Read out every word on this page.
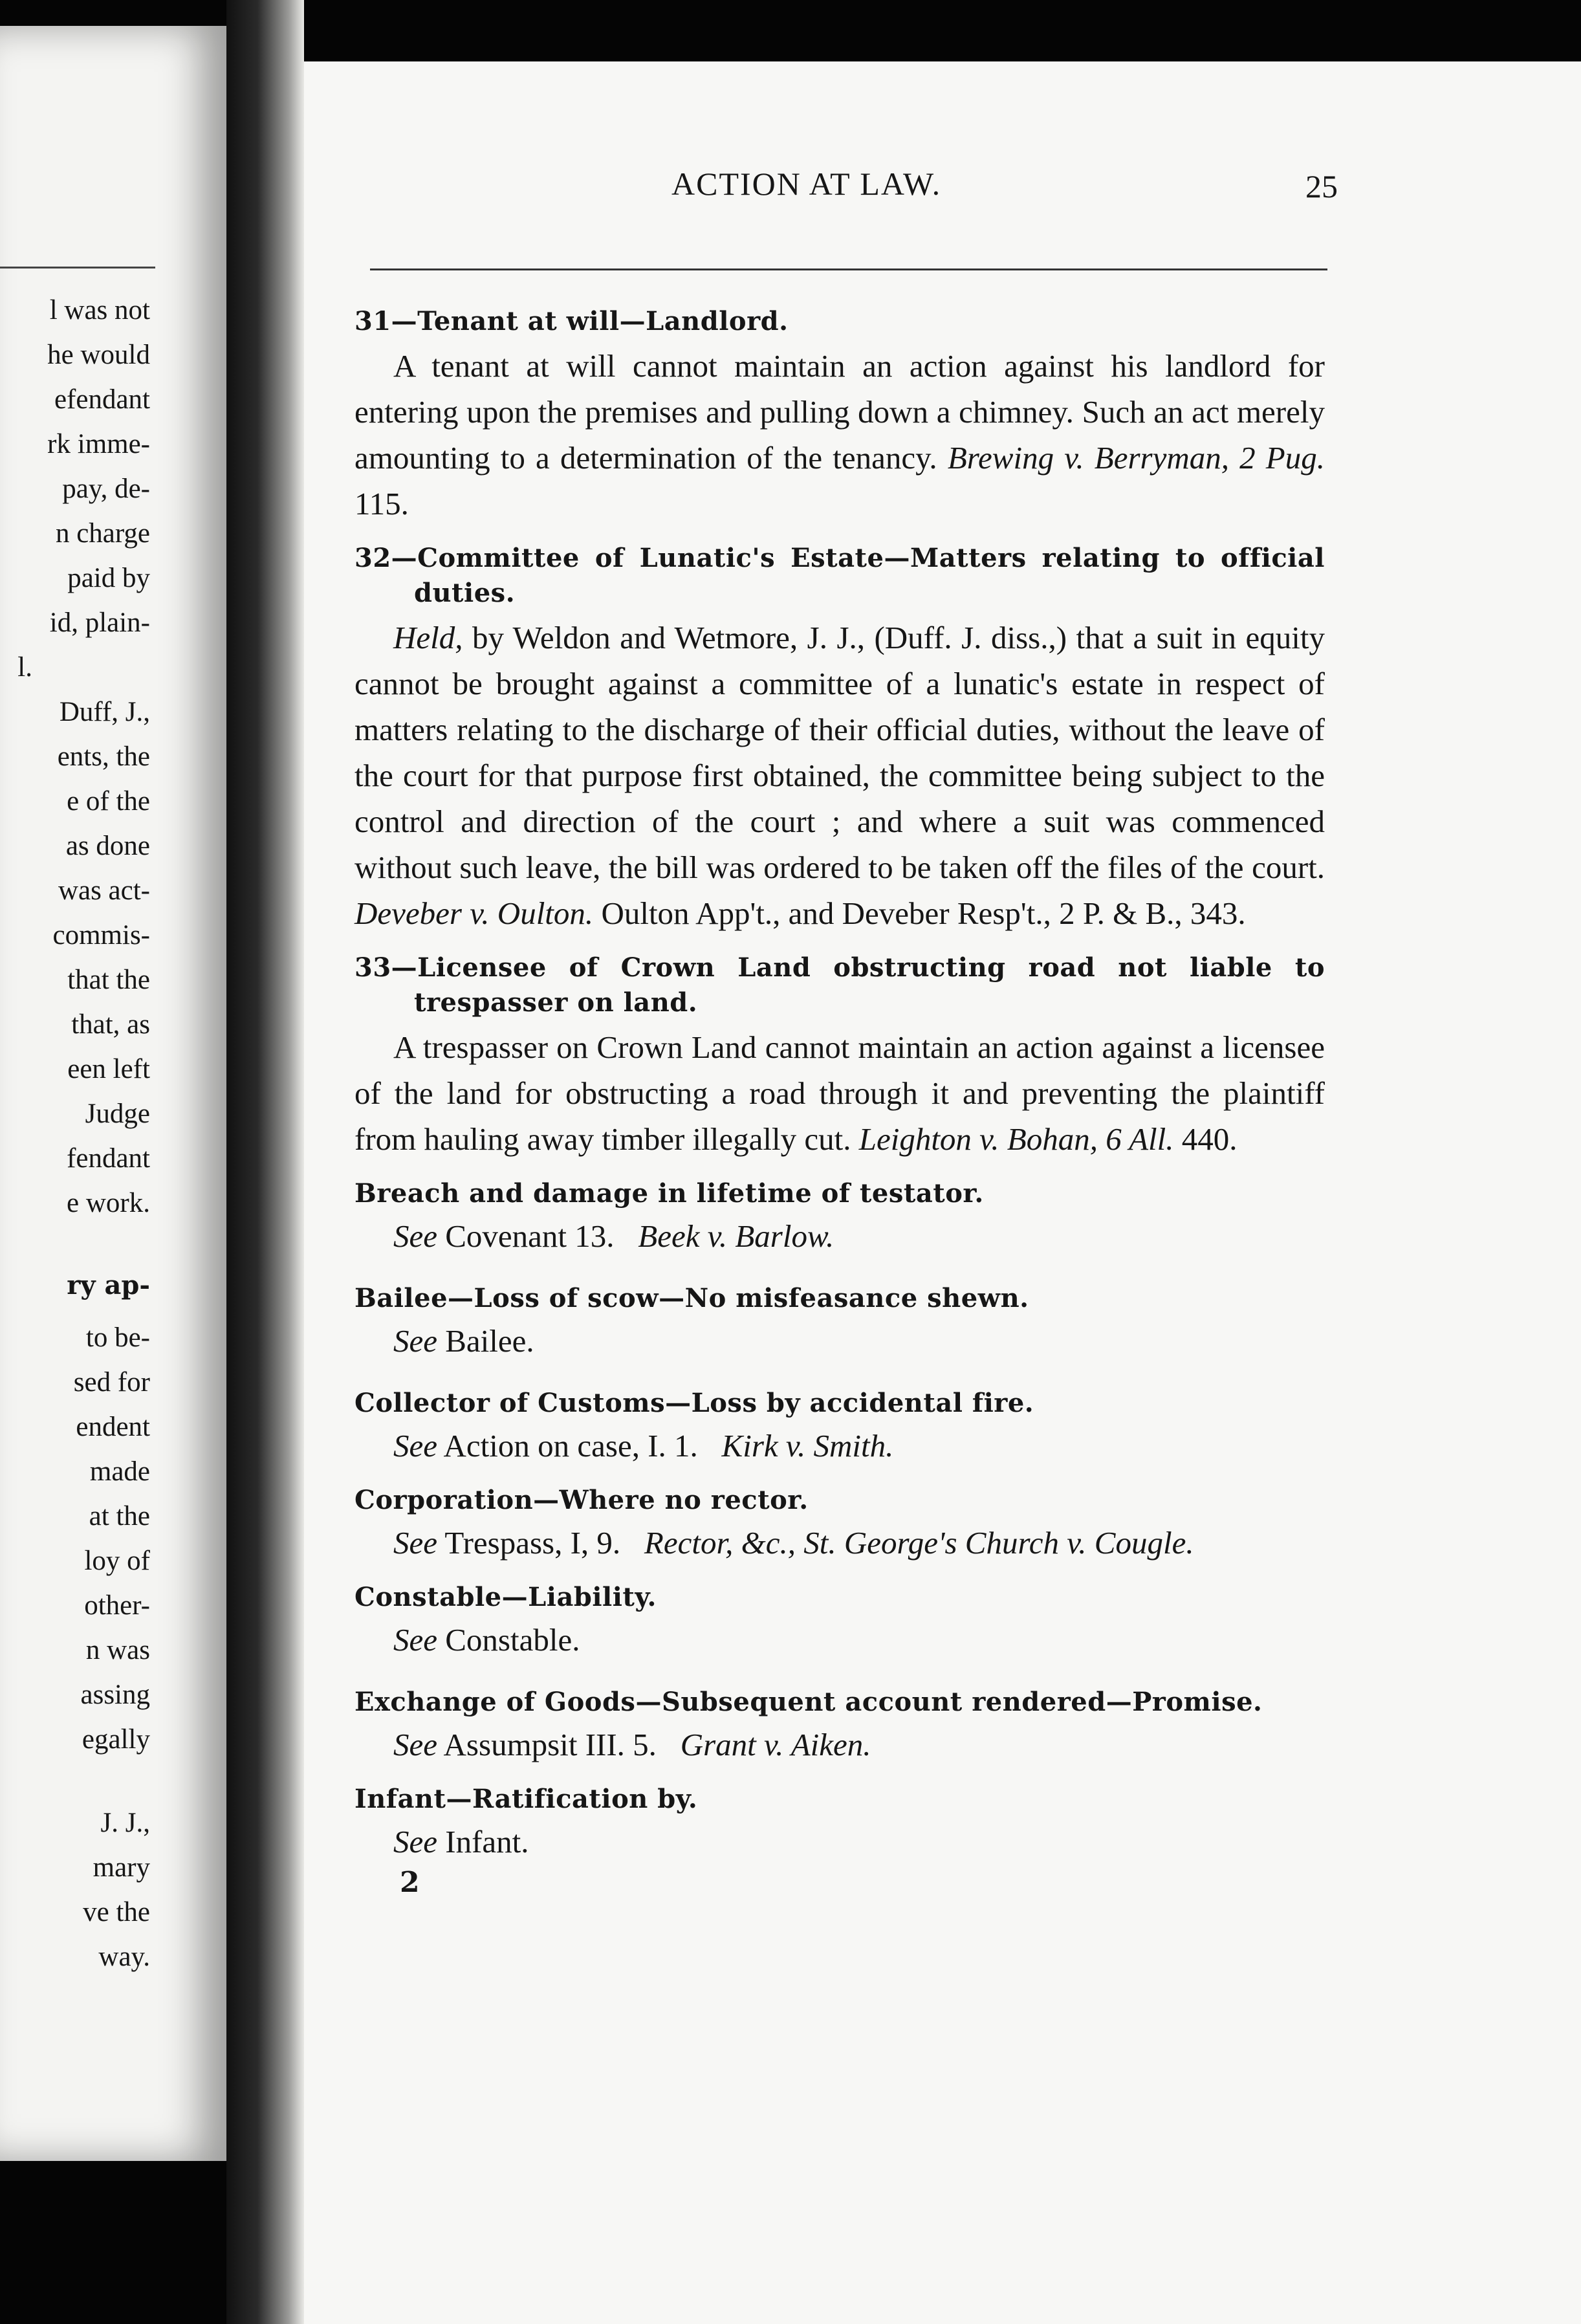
l was not
he would
efendant
rk imme-
pay, de-
n charge
paid by
id, plain-
l.
Duff, J.,
ents, the
e of the
as done
was act-
commis-
that the
that, as
een left
Judge
fendant
e work.
ry ap-
to be-
sed for
endent
made
at the
loy of
other-
n was
assing
egally
J. J.,
mary
ve the
way.
ACTION AT LAW.	25
31—Tenant at will—Landlord.
A tenant at will cannot maintain an action against his landlord for entering upon the premises and pulling down a chimney. Such an act merely amounting to a determination of the tenancy. Brewing v. Berryman, 2 Pug. 115.
32—Committee of Lunatic's Estate—Matters relating to official duties.
Held, by Weldon and Wetmore, J. J., (Duff. J. diss.,) that a suit in equity cannot be brought against a committee of a lunatic's estate in respect of matters relating to the discharge of their official duties, without the leave of the court for that purpose first obtained, the committee being subject to the control and direction of the court ; and where a suit was commenced without such leave, the bill was ordered to be taken off the files of the court. Deveber v. Oulton. Oulton App't., and Deveber Resp't., 2 P. & B., 343.
33—Licensee of Crown Land obstructing road not liable to trespasser on land.
A trespasser on Crown Land cannot maintain an action against a licensee of the land for obstructing a road through it and preventing the plaintiff from hauling away timber illegally cut. Leighton v. Bohan, 6 All. 440.
Breach and damage in lifetime of testator.
See Covenant 13. Beek v. Barlow.
Bailee—Loss of scow—No misfeasance shewn.
See Bailee.
Collector of Customs—Loss by accidental fire.
See Action on case, I. 1. Kirk v. Smith.
Corporation—Where no rector.
See Trespass, I, 9. Rector, &c., St. George's Church v. Cougle.
Constable—Liability.
See Constable.
Exchange of Goods—Subsequent account rendered—Promise.
See Assumpsit III. 5. Grant v. Aiken.
Infant—Ratification by.
See Infant.
2
